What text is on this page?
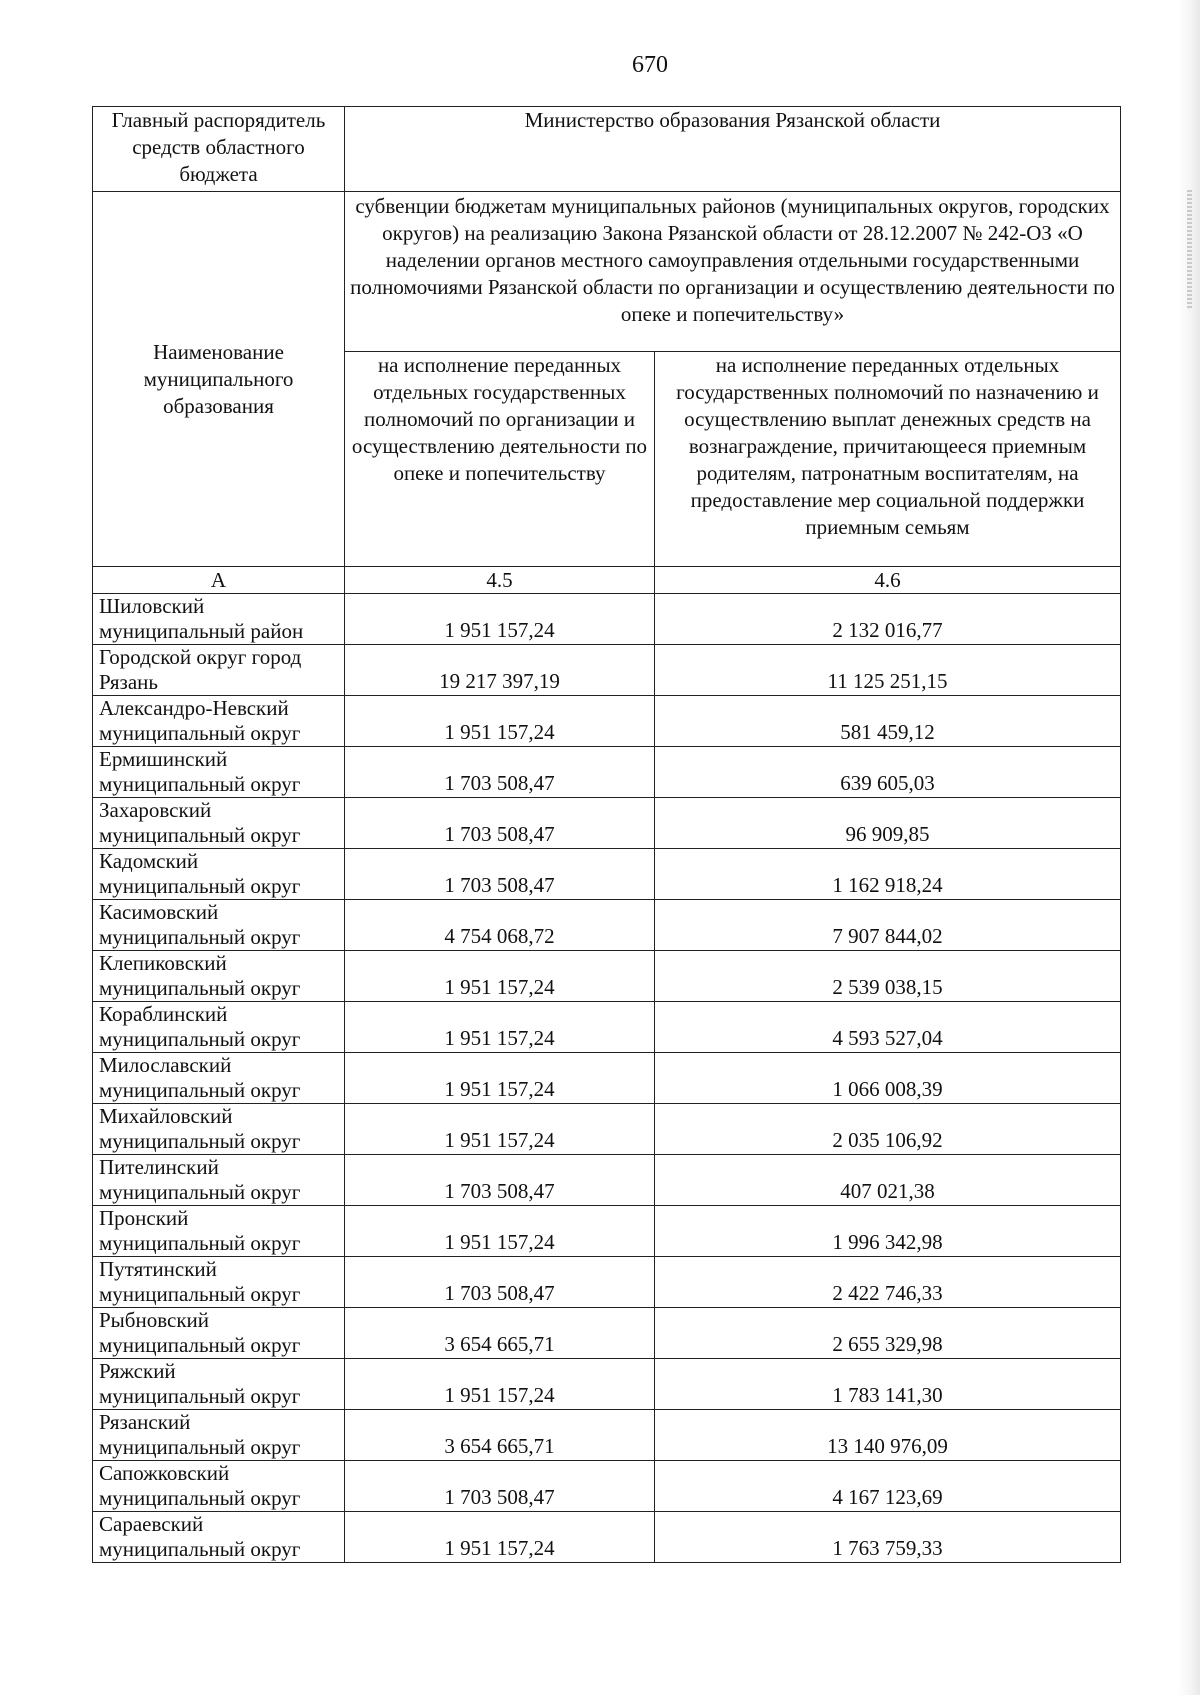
670
Главный распорядитель средств областного бюджета	Министерство образования Рязанской области	
Наименование муниципального образования	субвенции бюджетам муниципальных районов (муниципальных округов, городских округов) на реализацию Закона Рязанской области от 28.12.2007 № 242-ОЗ «О наделении органов местного самоуправления отдельными государственными полномочиями Рязанской области по организации и осуществлению деятельности по опеке и попечительству»	
	на исполнение переданных отдельных государственных полномочий по организации и осуществлению деятельности по опеке и попечительству	на исполнение переданных отдельных государственных полномочий по назначению и осуществлению выплат денежных средств на вознаграждение, причитающееся приемным родителям, патронатным воспитателям, на предоставление мер социальной поддержки приемным семьям
А	4.5	4.6

Шиловский
муниципальный район	1 951 157,24	2 132 016,77

Городской округ город
Рязань	19 217 397,19	11 125 251,15

Александро-Невский
муниципальный округ	1 951 157,24	581 459,12

Ермишинский
муниципальный округ	1 703 508,47	639 605,03

Захаровский
муниципальный округ	1 703 508,47	96 909,85

Кадомский
муниципальный округ	1 703 508,47	1 162 918,24

Касимовский
муниципальный округ	4 754 068,72	7 907 844,02

Клепиковский
муниципальный округ	1 951 157,24	2 539 038,15

Кораблинский
муниципальный округ	1 951 157,24	4 593 527,04

Милославский
муниципальный округ	1 951 157,24	1 066 008,39

Михайловский
муниципальный округ	1 951 157,24	2 035 106,92

Пителинский
муниципальный округ	1 703 508,47	407 021,38

Пронский
муниципальный округ	1 951 157,24	1 996 342,98

Путятинский
муниципальный округ	1 703 508,47	2 422 746,33

Рыбновский
муниципальный округ	3 654 665,71	2 655 329,98

Ряжский
муниципальный округ	1 951 157,24	1 783 141,30

Рязанский
муниципальный округ	3 654 665,71	13 140 976,09

Сапожковский
муниципальный округ	1 703 508,47	4 167 123,69

Сараевский
муниципальный округ	1 951 157,24	1 763 759,33
